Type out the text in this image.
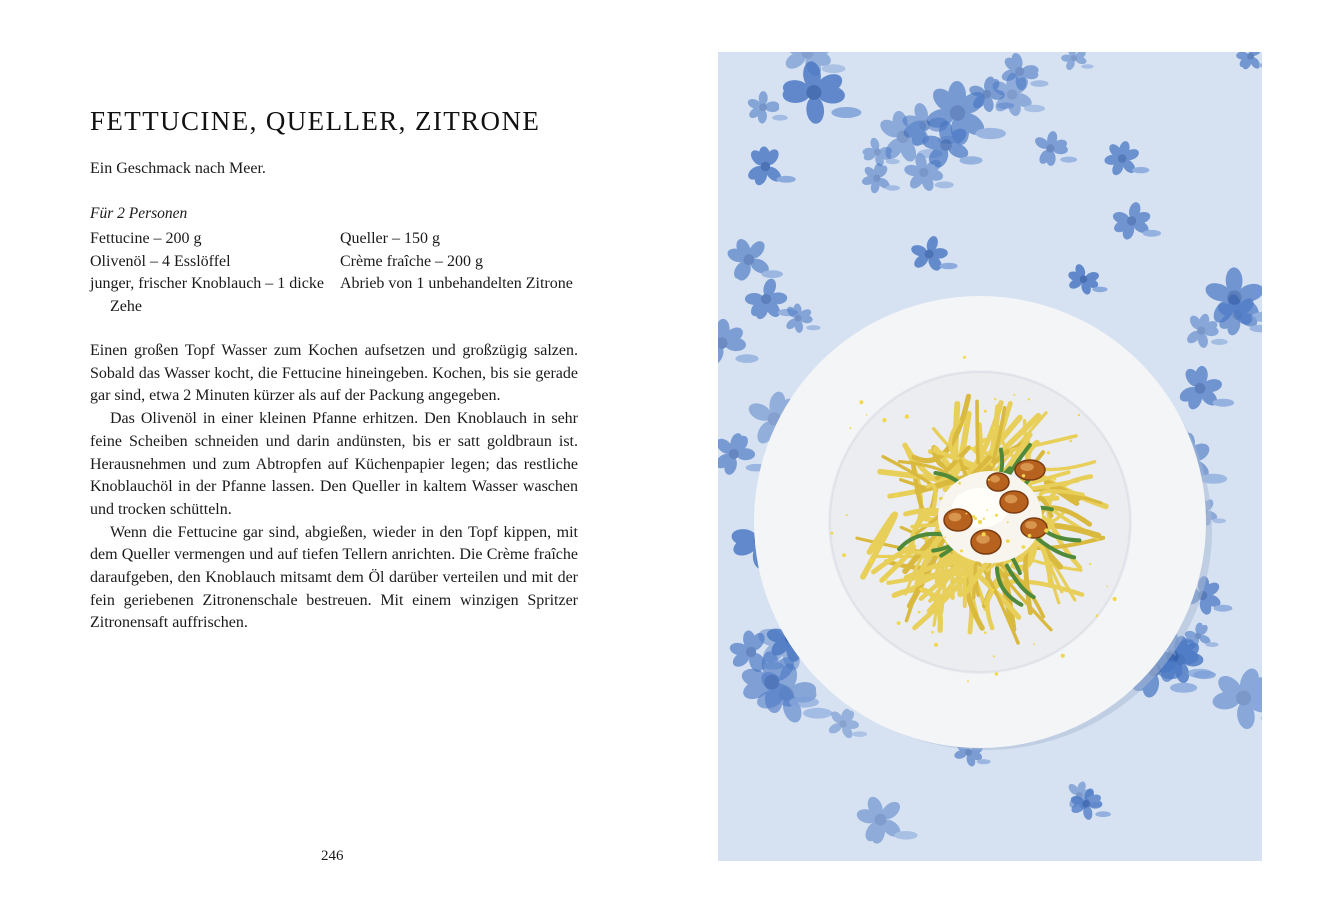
FETTUCINE, QUELLER, ZITRONE

Ein Geschmack nach Meer.

Für 2 Personen

Fettucine – 200 g

Olivenöl – 4 Esslöffel

junger, frischer Knoblauch – 1 dicke Zehe

Queller – 150 g

Crème fraîche – 200 g

Abrieb von 1 unbehandelten Zitrone

Einen großen Topf Wasser zum Kochen aufsetzen und großzügig salzen. Sobald das Wasser kocht, die Fettucine hineingeben. Kochen, bis sie gerade gar sind, etwa 2 Minuten kürzer als auf der Packung angegeben.

Das Olivenöl in einer kleinen Pfanne erhitzen. Den Knoblauch in sehr feine Scheiben schneiden und darin andünsten, bis er satt goldbraun ist. Herausnehmen und zum Abtropfen auf Küchenpapier legen; das restliche Knoblauchöl in der Pfanne lassen. Den Queller in kaltem Wasser waschen und trocken schütteln.

Wenn die Fettucine gar sind, abgießen, wieder in den Topf kippen, mit dem Queller vermengen und auf tiefen Tellern anrichten. Die Crème fraîche daraufgeben, den Knoblauch mitsamt dem Öl darüber verteilen und mit der fein geriebenen Zitronenschale bestreuen. Mit einem winzigen Spritzer Zitronensaft auffrischen.

246
